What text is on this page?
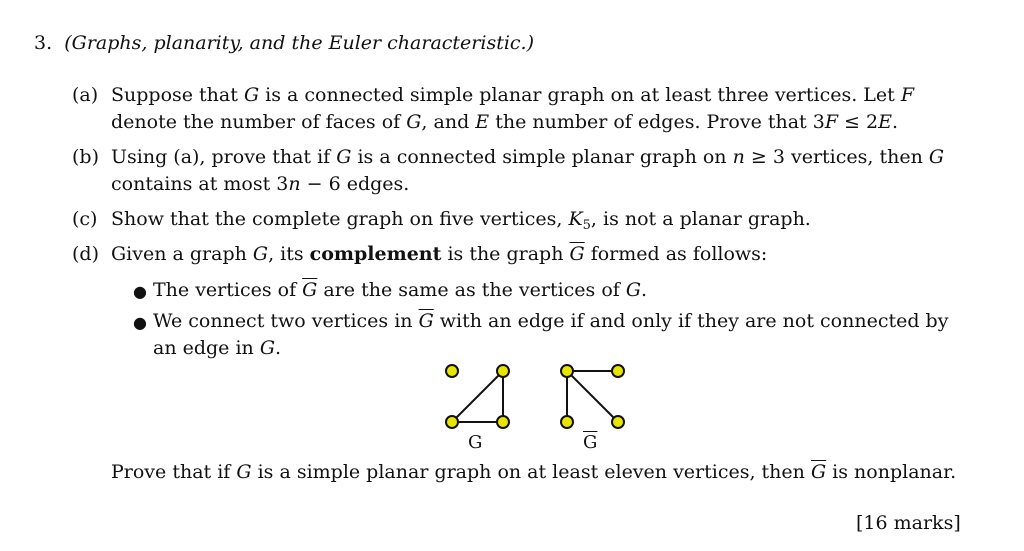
3. (Graphs, planarity, and the Euler characteristic.)
(a) Suppose that G is a connected simple planar graph on at least three vertices. Let F
denote the number of faces of G, and E the number of edges. Prove that 3F ≤ 2E.
(b) Using (a), prove that if G is a connected simple planar graph on n ≥ 3 vertices, then G
contains at most 3n − 6 edges.
(c) Show that the complete graph on five vertices, $K_5$, is not a planar graph.
(d) Given a graph G, its complement is the graph $\overline{G}$ formed as follows:
● The vertices of $\overline{G}$ are the same as the vertices of G.
● We connect two vertices in $\overline{G}$ with an edge if and only if they are not connected by
an edge in G.
G	$\overline{G}$
Prove that if G is a simple planar graph on at least eleven vertices, then $\overline{G}$ is nonplanar.
[16 marks]
